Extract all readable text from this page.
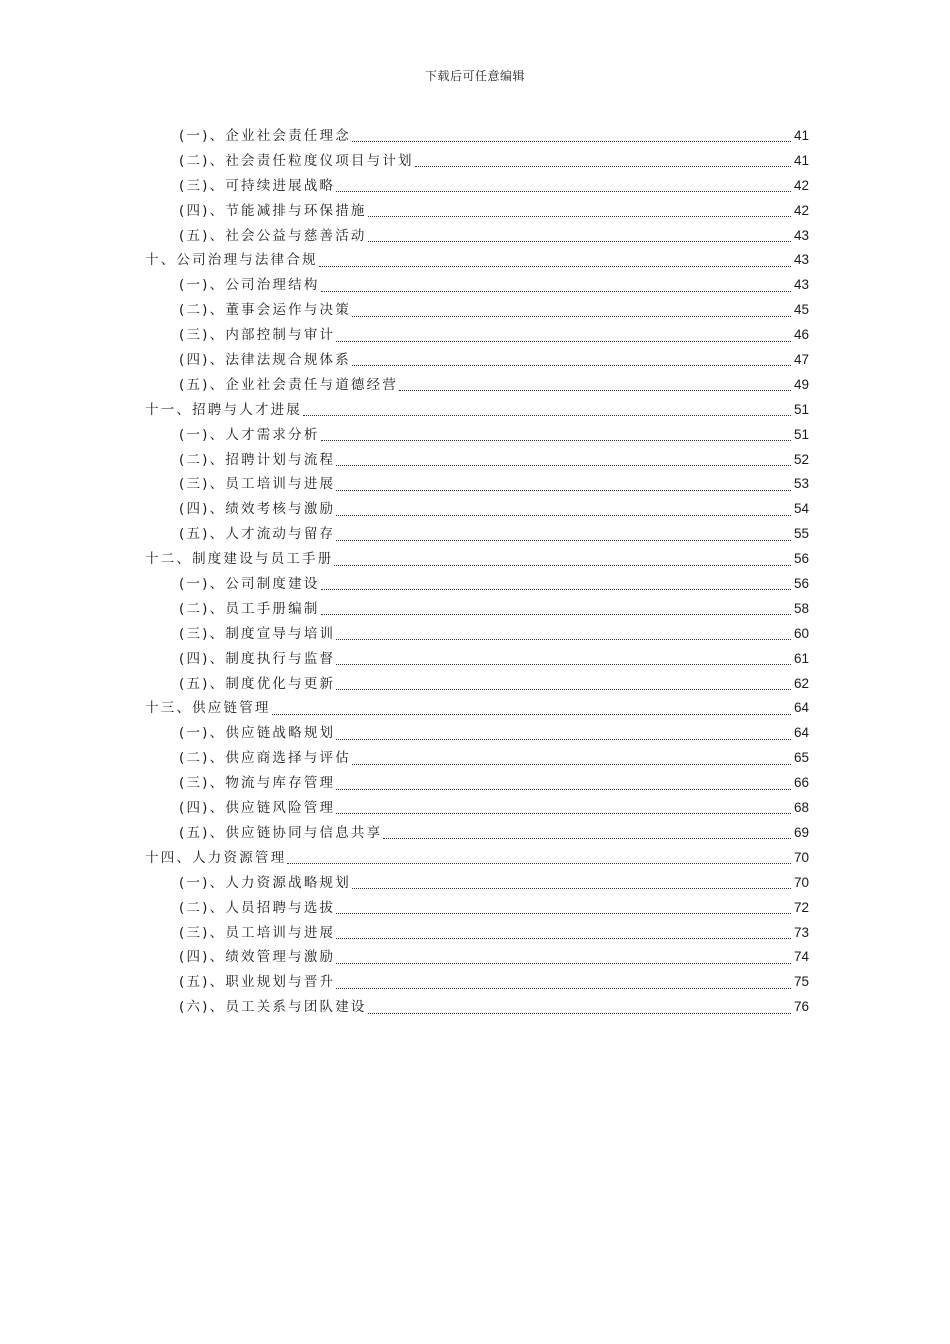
下载后可任意编辑
(一)、企业社会责任理念	41
(二)、社会责任粒度仪项目与计划	41
(三)、可持续进展战略	42
(四)、节能减排与环保措施	42
(五)、社会公益与慈善活动	43
十、公司治理与法律合规	43
(一)、公司治理结构	43
(二)、董事会运作与决策	45
(三)、内部控制与审计	46
(四)、法律法规合规体系	47
(五)、企业社会责任与道德经营	49
十一、招聘与人才进展	51
(一)、人才需求分析	51
(二)、招聘计划与流程	52
(三)、员工培训与进展	53
(四)、绩效考核与激励	54
(五)、人才流动与留存	55
十二、制度建设与员工手册	56
(一)、公司制度建设	56
(二)、员工手册编制	58
(三)、制度宣导与培训	60
(四)、制度执行与监督	61
(五)、制度优化与更新	62
十三、供应链管理	64
(一)、供应链战略规划	64
(二)、供应商选择与评估	65
(三)、物流与库存管理	66
(四)、供应链风险管理	68
(五)、供应链协同与信息共享	69
十四、人力资源管理	70
(一)、人力资源战略规划	70
(二)、人员招聘与选拔	72
(三)、员工培训与进展	73
(四)、绩效管理与激励	74
(五)、职业规划与晋升	75
(六)、员工关系与团队建设	76
